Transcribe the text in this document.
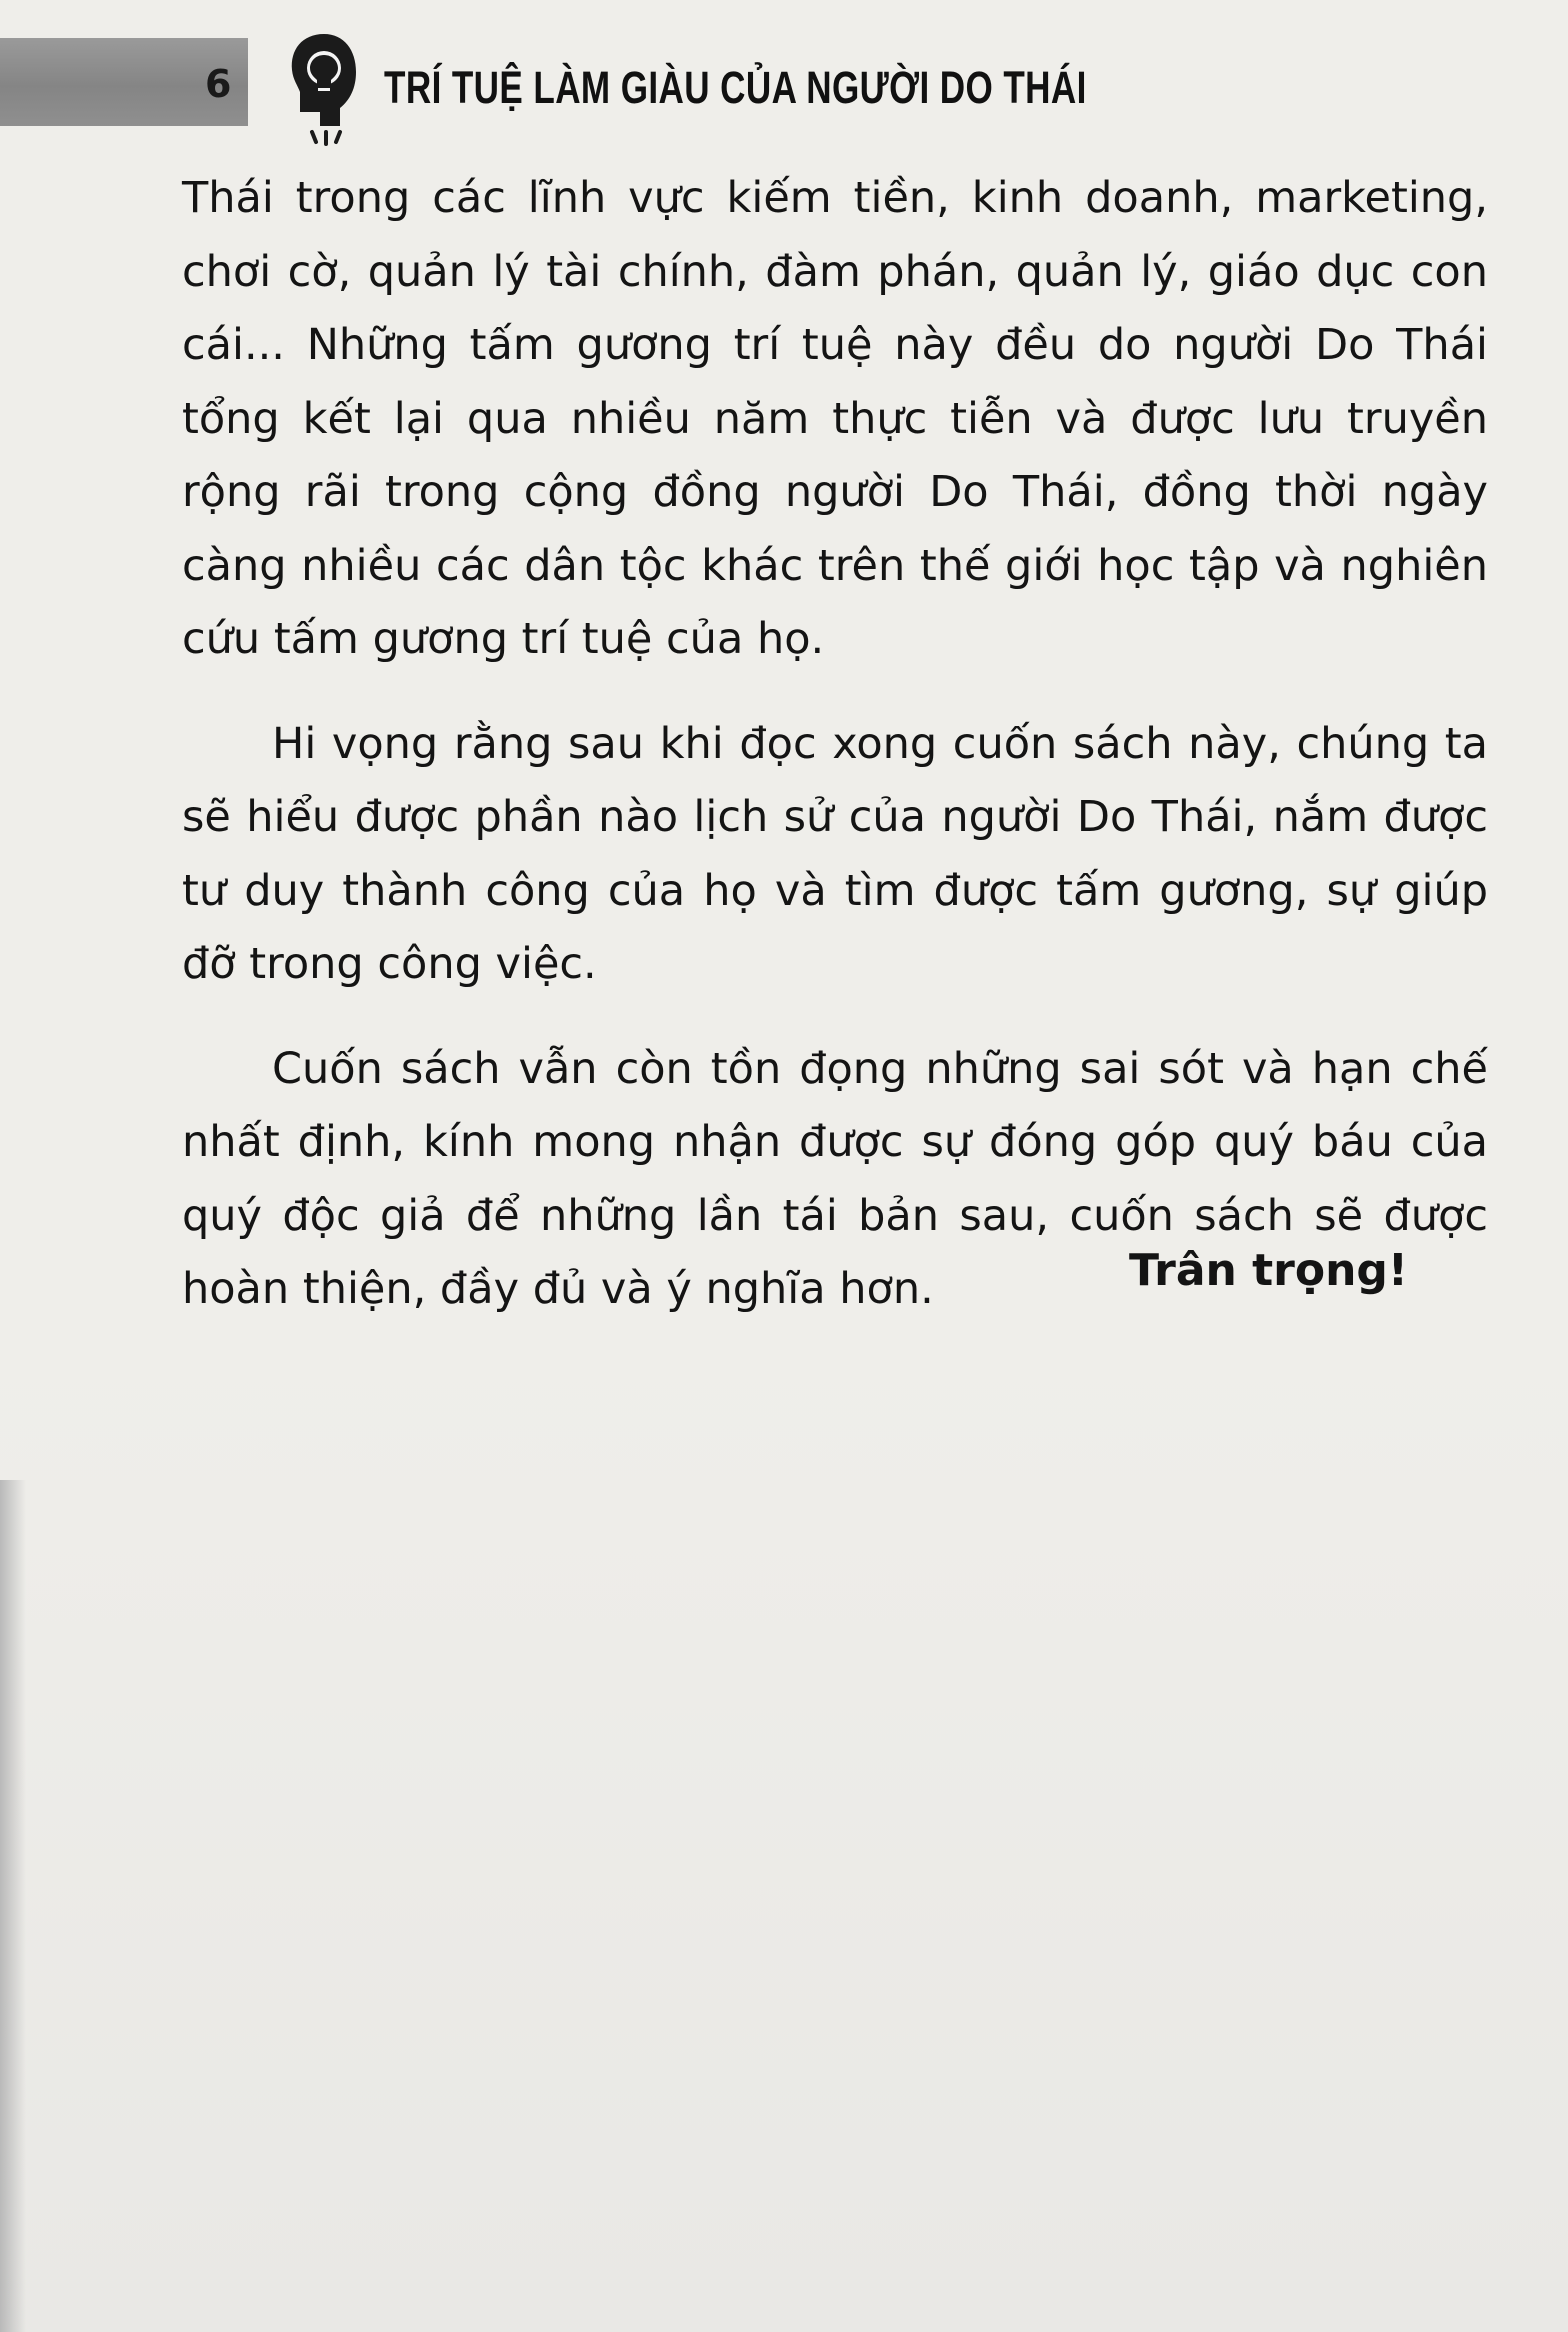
6	TRÍ TUỆ LÀM GIÀU CỦA NGƯỜI DO THÁI

Thái trong các lĩnh vực kiếm tiền, kinh doanh, marketing, chơi cờ, quản lý tài chính, đàm phán, quản lý, giáo dục con cái... Những tấm gương trí tuệ này đều do người Do Thái tổng kết lại qua nhiều năm thực tiễn và được lưu truyền rộng rãi trong cộng đồng người Do Thái, đồng thời ngày càng nhiều các dân tộc khác trên thế giới học tập và nghiên cứu tấm gương trí tuệ của họ.

Hi vọng rằng sau khi đọc xong cuốn sách này, chúng ta sẽ hiểu được phần nào lịch sử của người Do Thái, nắm được tư duy thành công của họ và tìm được tấm gương, sự giúp đỡ trong công việc.

Cuốn sách vẫn còn tồn đọng những sai sót và hạn chế nhất định, kính mong nhận được sự đóng góp quý báu của quý độc giả để những lần tái bản sau, cuốn sách sẽ được hoàn thiện, đầy đủ và ý nghĩa hơn.	Trân trọng!
